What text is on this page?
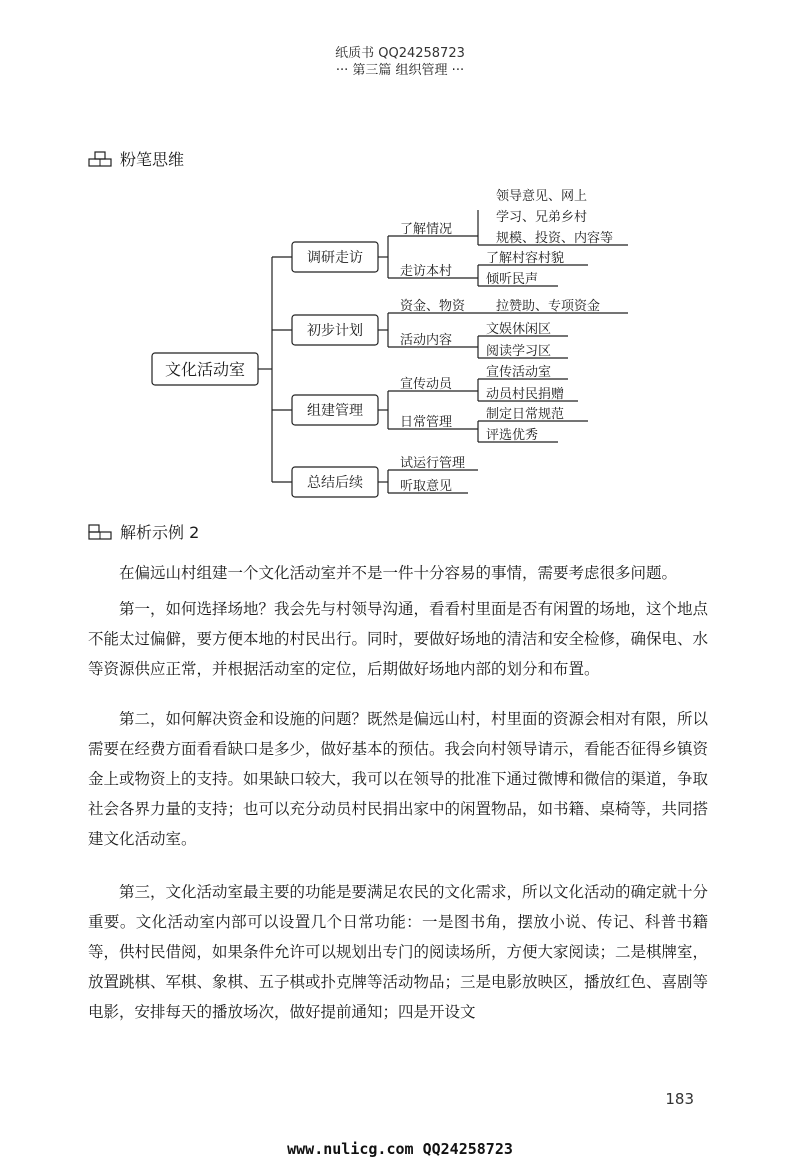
纸质书 QQ24258723
··· 第三篇 组织管理 ···
粉笔思维
文化活动室
调研走访
初步计划
组建管理
总结后续
了解情况
走访本村
资金、物资
活动内容
宣传动员
日常管理
试运行管理
听取意见
领导意见、网上
学习、兄弟乡村
规模、投资、内容等
了解村容村貌
倾听民声
拉赞助、专项资金
文娱休闲区
阅读学习区
宣传活动室
动员村民捐赠
制定日常规范
评选优秀
解析示例 2

在偏远山村组建一个文化活动室并不是一件十分容易的事情，需要考虑很多问题。

第一，如何选择场地？我会先与村领导沟通，看看村里面是否有闲置的场地，这个地点不能太过偏僻，要方便本地的村民出行。同时，要做好场地的清洁和安全检修，确保电、水等资源供应正常，并根据活动室的定位，后期做好场地内部的划分和布置。

第二，如何解决资金和设施的问题？既然是偏远山村，村里面的资源会相对有限，所以需要在经费方面看看缺口是多少，做好基本的预估。我会向村领导请示，看能否征得乡镇资金上或物资上的支持。如果缺口较大，我可以在领导的批准下通过微博和微信的渠道，争取社会各界力量的支持；也可以充分动员村民捐出家中的闲置物品，如书籍、桌椅等，共同搭建文化活动室。

第三，文化活动室最主要的功能是要满足农民的文化需求，所以文化活动的确定就十分重要。文化活动室内部可以设置几个日常功能：一是图书角，摆放小说、传记、科普书籍等，供村民借阅，如果条件允许可以规划出专门的阅读场所，方便大家阅读；二是棋牌室，放置跳棋、军棋、象棋、五子棋或扑克牌等活动物品；三是电影放映区，播放红色、喜剧等电影，安排每天的播放场次，做好提前通知；四是开设文

183
www.nulicg.com QQ24258723
